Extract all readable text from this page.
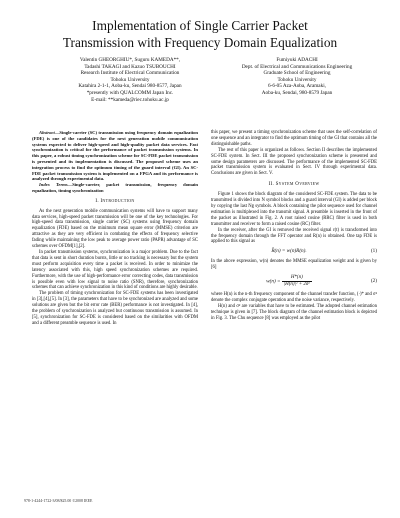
Implementation of Single Carrier Packet
Transmission with Frequency Domain Equalization
Valentin GHEORGHIU*, Suguru KAMEDA**,
Tadashi TAKAGI and Kazuo TSUBOUCHI
Research Institute of Electrical Communication
Tohoku University
Katahira 2-1-1, Aoba-ku, Sendai 980-8577, Japan
*presently with QUALCOMM Japan Inc.
E-mail: **kameda@riec.tohoku.ac.jp
Fumiyuki ADACHI
Dept. of Electrical and Communications Engineering
Graduate School of Engineering
Tohoku University
6-6-05 Aza-Aoba, Aramaki,
Aoba-ku, Sendai, 980-8579 Japan

Abstract—Single-carrier (SC) transmission using frequency domain equalization (FDE) is one of the candidates for the next generation mobile communication systems expected to deliver high-speed and high-quality packet data services. Fast synchronization is critical for the performance of packet transmission systems. In this paper, a robust timing synchronization scheme for SC-FDE packet transmission is presented and its implementation is discussed. The proposed scheme uses an integration process to find the optimum timing of the guard interval (GI). An SC-FDE packet transmission system is implemented on a FPGA and its performance is analyzed through experimental data.

Index Terms—Single-carrier, packet transmission, frequency domain equalization, timing synchronization

I. Introduction

As the next generation mobile communication systems will have to support many data services, high-speed packet transmission will be one of the key technologies. For high-speed data transmission, single carrier (SC) systems using frequency domain equalization (FDE) based on the minimum mean square error (MMSE) criterion are attractive as they are very efficient in combating the effects of frequency selective fading while maintaining the low peak to average power ratio (PAPR) advantage of SC schemes over OFDM[1],[2].

In packet transmission systems, synchronization is a major problem. Due to the fact that data is sent in short duration bursts, little or no tracking is necessary but the system must perform acquisition every time a packet is received. In order to minimize the latency associated with this, high speed synchronization schemes are required. Furthermore, with the use of high-performance error correcting codes, data transmission is possible even with low signal to noise ratio (SNR), therefore, synchronization schemes that can achieve synchronization in this kind of conditions are highly desirable.

The problem of timing synchronization for SC-FDE systems has been investigated in [3],[4],[5]. In [3], the parameters that have to be synchronized are analyzed and some solutions are given but the bit error rate (BER) performance is not investigated. In [4], the problem of synchronization is analyzed but continuous transmission is assumed. In [5], synchronization for SC-FDE is considered based on the similarities with OFDM and a different preamble sequence is used. In

this paper, we present a timing synchronization scheme that uses the self-correlation of one sequence and an integrator to find the optimum timing of the GI that contains all the distinguishable paths.

The rest of this paper is organized as follows. Section II describes the implemented SC-FDE system. In Sect. III the proposed synchronization scheme is presented and some design parameters are discussed. The performance of the implemented SC-FDE packet transmission system is evaluated in Sect. IV through experimental data. Conclusions are given in Sect. V.

II. System Overview

Figure 1 shows the block diagram of the considered SC-FDE system. The data to be transmitted is divided into N symbol blocks and a guard interval (GI) is added per block by copying the last Ng symbols. A block containing the pilot sequence used for channel estimation is multiplexed into the transmit signal. A preamble is inserted in the front of the packet as illustrated in Fig. 2. A root raised cosine (RRC) filter is used in both transmitter and receiver to form a raised cosine (RC) filter.

In the receiver, after the GI is removed the received signal r(t) is transformed into the frequency domain through the FFT operator and R(n) is obtained. One tap FDE is applied to this signal as

R̂(n) = w(n)R(n).	(1)

In the above expression, w(n) denotes the MMSE equalization weight and is given by [6]

$w(n) = \frac{H*(n)}{\text{|H(n)|² + 2σ²}}$	(2)

where H(n) is the n-th frequency component of the channel transfer function, (·)* and σ² denote the complex conjugate operation and the noise variance, respectively.

H(n) and σ² are variables that have to be estimated. The adopted channel estimation technique is given in [7]. The block diagram of the channel estimation block is depicted in Fig. 3. The Chu sequence [8] was employed as the pilot

978-1-4244-1722-3/08/$25.00 ©2008 IEEE
